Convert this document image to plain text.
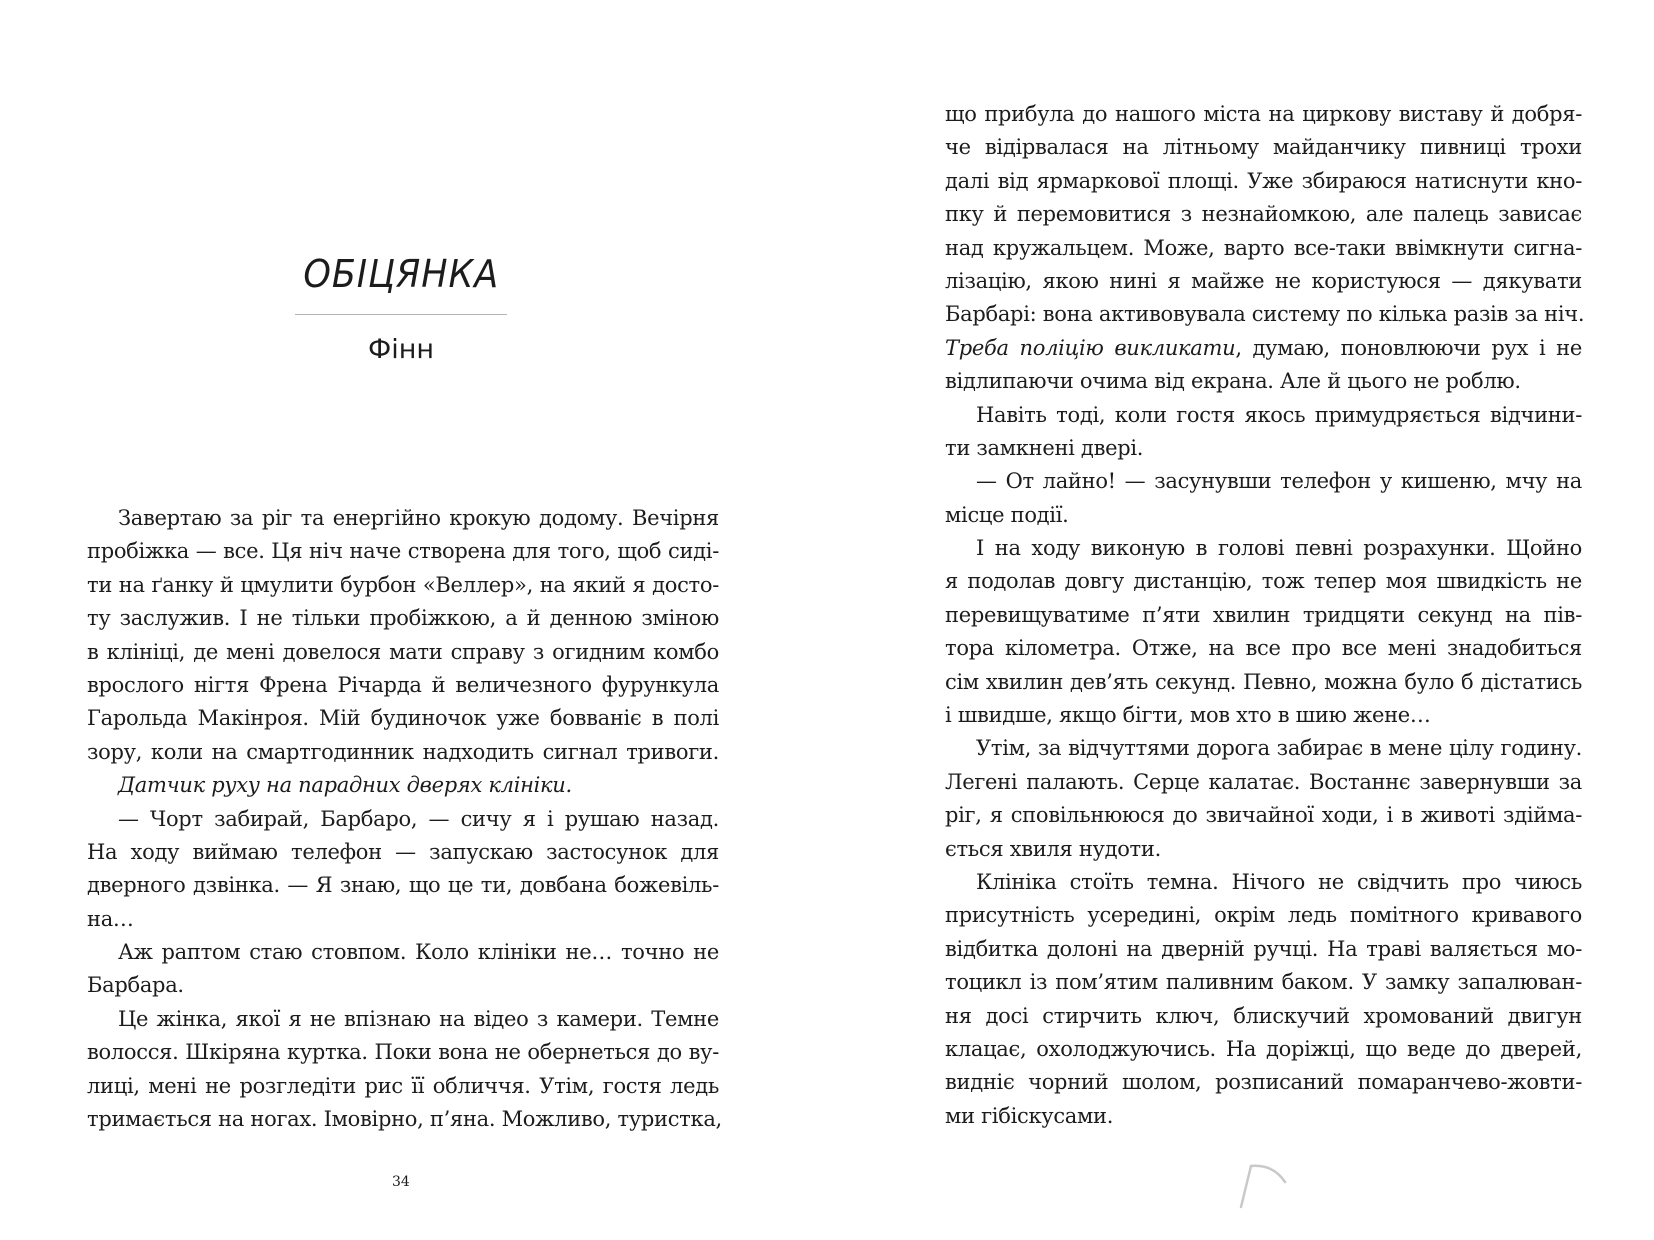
ОБІЦЯНКА
Фінн
Завертаю за ріг та енергійно крокую додому. Вечірня
пробіжка — все. Ця ніч наче створена для того, щоб сиді-
ти на ґанку й цмулити бурбон «Веллер», на який я досто-
ту заслужив. І не тільки пробіжкою, а й денною зміною
в клініці, де мені довелося мати справу з огидним комбо
врослого нігтя Френа Річарда й величезного фурункула
Гарольда Макінроя. Мій будиночок уже бовваніє в полі
зору, коли на смартгодинник надходить сигнал тривоги.
Датчик руху на парадних дверях клініки.
— Чорт забирай, Барбаро, — сичу я і рушаю назад.
На ходу виймаю телефон — запускаю застосунок для
дверного дзвінка. — Я знаю, що це ти, довбана божевіль-
на…
Аж раптом стаю стовпом. Коло клініки не… точно не
Барбара.
Це жінка, якої я не впізнаю на відео з камери. Темне
волосся. Шкіряна куртка. Поки вона не обернеться до ву-
лиці, мені не розгледіти рис її обличчя. Утім, гостя ледь
тримається на ногах. Імовірно, п’яна. Можливо, туристка,
34
що прибула до нашого міста на циркову виставу й добря-
че відірвалася на літньому майданчику пивниці трохи
далі від ярмаркової площі. Уже збираюся натиснути кно-
пку й перемовитися з незнайомкою, але палець зависає
над кружальцем. Може, варто все-таки ввімкнути сигна-
лізацію, якою нині я майже не користуюся — дякувати
Барбарі: вона активовувала систему по кілька разів за ніч.
Треба поліцію викликати, думаю, поновлюючи рух і не
відлипаючи очима від екрана. Але й цього не роблю.
Навіть тоді, коли гостя якось примудряється відчини-
ти замкнені двері.
— От лайно! — засунувши телефон у кишеню, мчу на
місце події.
І на ходу виконую в голові певні розрахунки. Щойно
я подолав довгу дистанцію, тож тепер моя швидкість не
перевищуватиме п’яти хвилин тридцяти секунд на пів-
тора кілометра. Отже, на все про все мені знадобиться
сім хвилин дев’ять секунд. Певно, можна було б дістатись
і швидше, якщо бігти, мов хто в шию жене…
Утім, за відчуттями дорога забирає в мене цілу годину.
Легені палають. Серце калатає. Востаннє завернувши за
ріг, я сповільнююся до звичайної ходи, і в животі здійма-
ється хвиля нудоти.
Клініка стоїть темна. Нічого не свідчить про чиюсь
присутність усередині, окрім ледь помітного кривавого
відбитка долоні на дверній ручці. На траві валяється мо-
тоцикл із пом’ятим паливним баком. У замку запалюван-
ня досі стирчить ключ, блискучий хромований двигун
клацає, охолоджуючись. На доріжці, що веде до дверей,
видніє чорний шолом, розписаний помаранчево-жовти-
ми гібіскусами.
